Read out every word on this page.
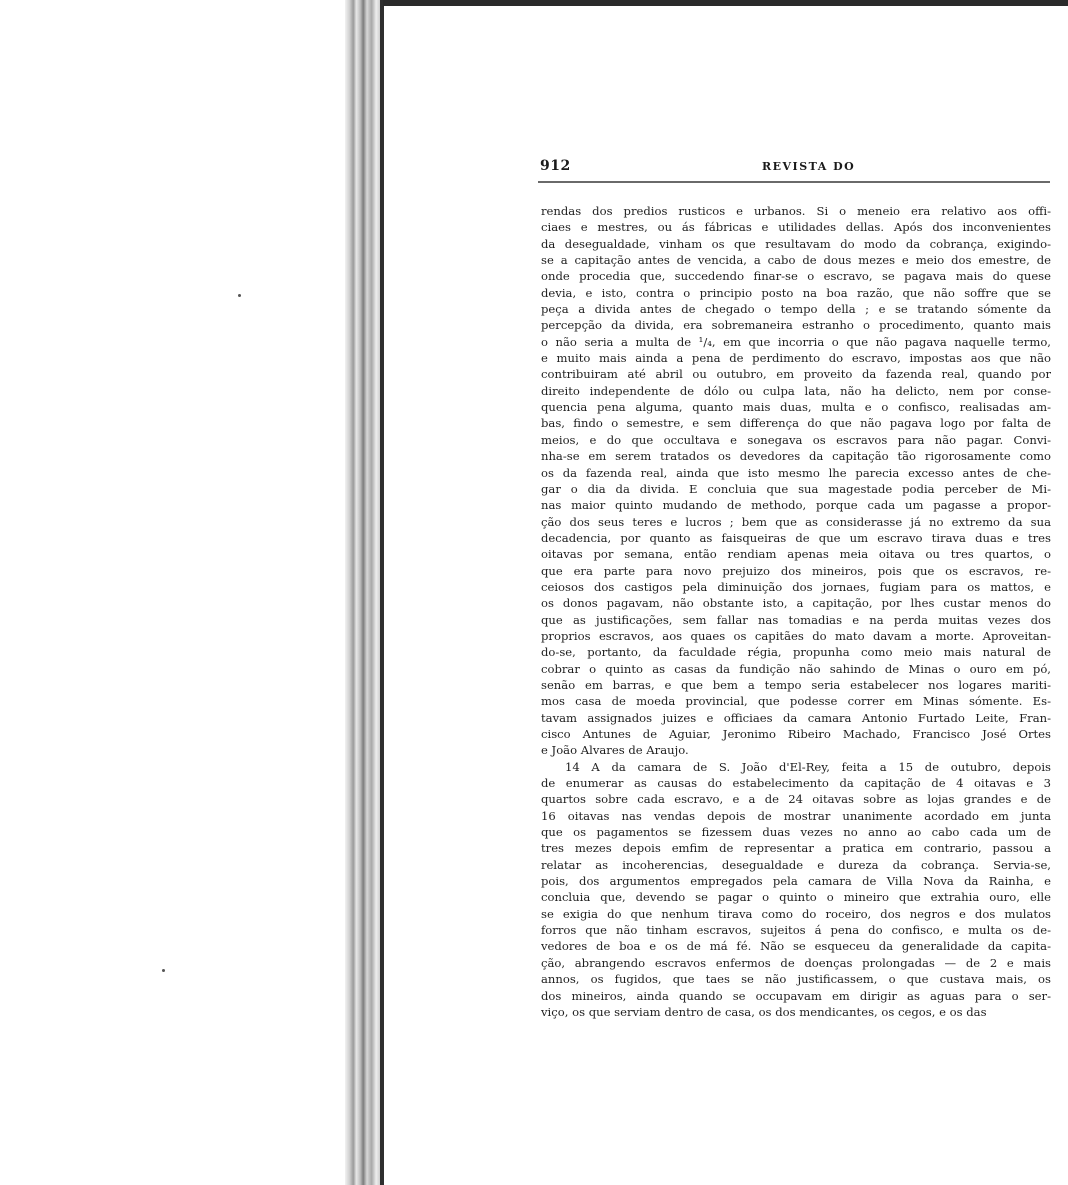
912	REVISTA DO
rendas dos predios rusticos e urbanos. Si o meneio era relativo aos offi-
ciaes e mestres, ou ás fábricas e utilidades dellas. Após dos inconvenientes
da desegualdade, vinham os que resultavam do modo da cobrança, exigindo-
se a capitação antes de vencida, a cabo de dous mezes e meio dos emestre, de
onde procedia que, succedendo finar-se o escravo, se pagava mais do quese
devia, e isto, contra o principio posto na boa razão, que não soffre que se
peça a divida antes de chegado o tempo della ; e se tratando sómente da
percepção da divida, era sobremaneira estranho o procedimento, quanto mais
o não seria a multa de ¹/₄, em que incorria o que não pagava naquelle termo,
e muito mais ainda a pena de perdimento do escravo, impostas aos que não
contribuiram até abril ou outubro, em proveito da fazenda real, quando por
direito independente de dólo ou culpa lata, não ha delicto, nem por conse-
quencia pena alguma, quanto mais duas, multa e o confisco, realisadas am-
bas, findo o semestre, e sem differença do que não pagava logo por falta de
meios, e do que occultava e sonegava os escravos para não pagar. Convi-
nha-se em serem tratados os devedores da capitação tão rigorosamente como
os da fazenda real, ainda que isto mesmo lhe parecia excesso antes de che-
gar o dia da divida. E concluia que sua magestade podia perceber de Mi-
nas maior quinto mudando de methodo, porque cada um pagasse a propor-
ção dos seus teres e lucros ; bem que as considerasse já no extremo da sua
decadencia, por quanto as faisqueiras de que um escravo tirava duas e tres
oitavas por semana, então rendiam apenas meia oitava ou tres quartos, o
que era parte para novo prejuizo dos mineiros, pois que os escravos, re-
ceiosos dos castigos pela diminuição dos jornaes, fugiam para os mattos, e
os donos pagavam, não obstante isto, a capitação, por lhes custar menos do
que as justificações, sem fallar nas tomadias e na perda muitas vezes dos
proprios escravos, aos quaes os capitães do mato davam a morte. Aproveitan-
do-se, portanto, da faculdade régia, propunha como meio mais natural de
cobrar o quinto as casas da fundição não sahindo de Minas o ouro em pó,
senão em barras, e que bem a tempo seria estabelecer nos logares mariti-
mos casa de moeda provincial, que podesse correr em Minas sómente. Es-
tavam assignados juizes e officiaes da camara Antonio Furtado Leite, Fran-
cisco Antunes de Aguiar, Jeronimo Ribeiro Machado, Francisco José Ortes
e João Alvares de Araujo.
14 A da camara de S. João d'El-Rey, feita a 15 de outubro, depois
de enumerar as causas do estabelecimento da capitação de 4 oitavas e 3
quartos sobre cada escravo, e a de 24 oitavas sobre as lojas grandes e de
16 oitavas nas vendas depois de mostrar unanimente acordado em junta
que os pagamentos se fizessem duas vezes no anno ao cabo cada um de
tres mezes depois emfim de representar a pratica em contrario, passou a
relatar as incoherencias, desegualdade e dureza da cobrança. Servia-se,
pois, dos argumentos empregados pela camara de Villa Nova da Rainha, e
concluia que, devendo se pagar o quinto o mineiro que extrahia ouro, elle
se exigia do que nenhum tirava como do roceiro, dos negros e dos mulatos
forros que não tinham escravos, sujeitos á pena do confisco, e multa os de-
vedores de boa e os de má fé. Não se esqueceu da generalidade da capita-
ção, abrangendo escravos enfermos de doenças prolongadas — de 2 e mais
annos, os fugidos, que taes se não justificassem, o que custava mais, os
dos mineiros, ainda quando se occupavam em dirigir as aguas para o ser-
viço, os que serviam dentro de casa, os dos mendicantes, os cegos, e os das
